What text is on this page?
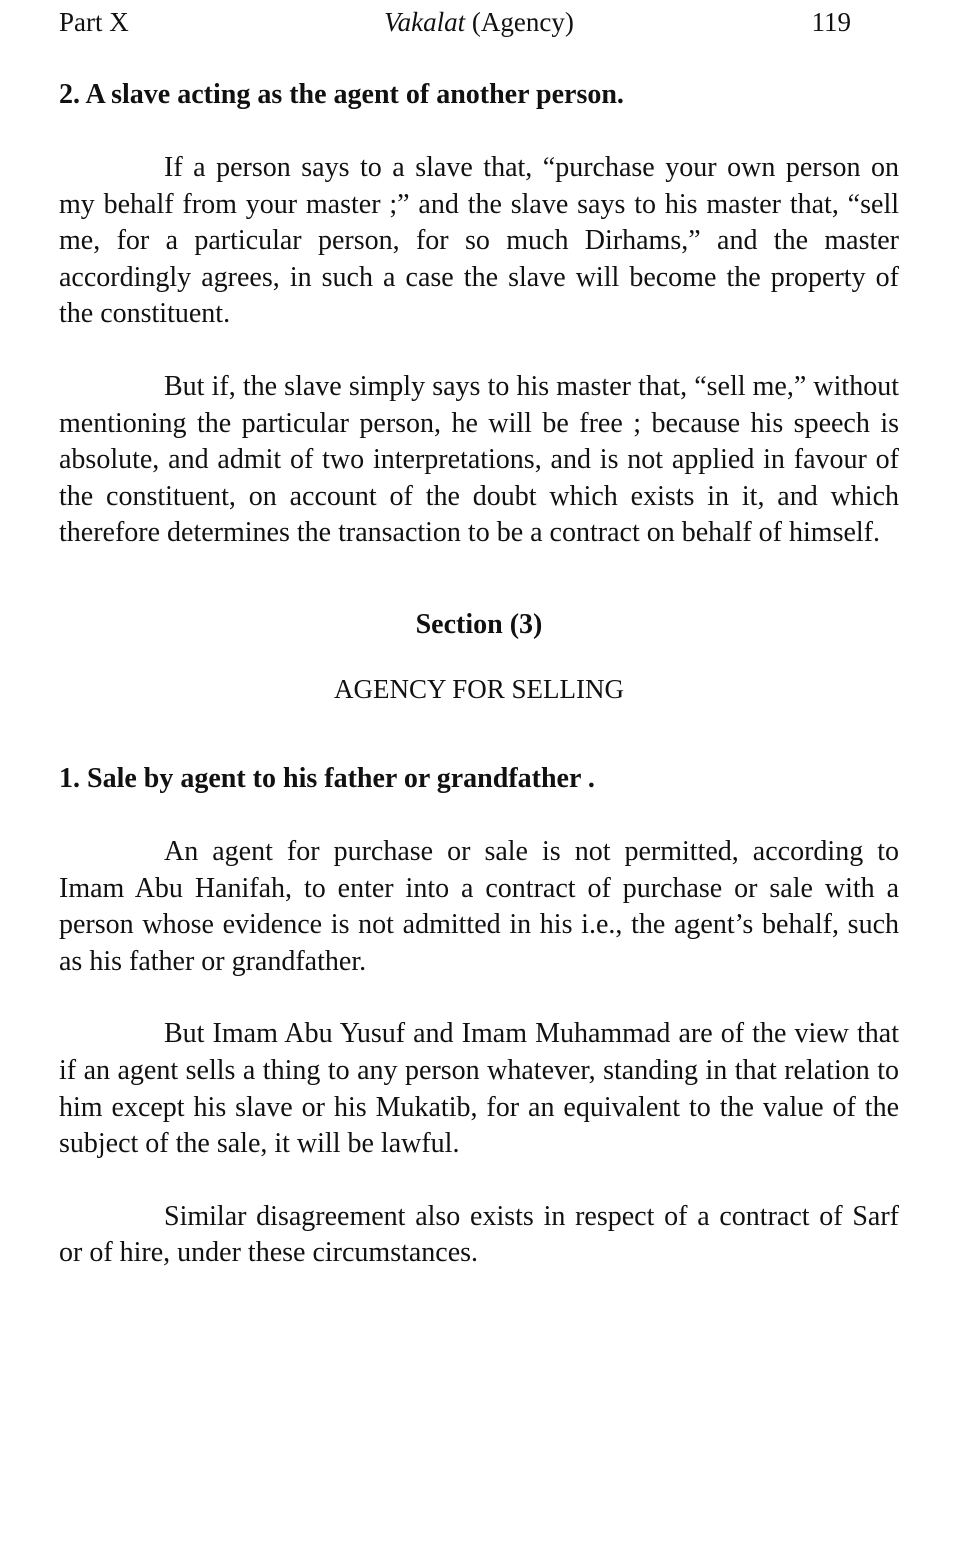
Part X	Vakalat (Agency)	119
2. A slave acting as the agent of another person.

If a person says to a slave that, “purchase your own person on my behalf from your master ;” and the slave says to his master that, “sell me, for a particular person, for so much Dirhams,” and the master accordingly agrees, in such a case the slave will become the property of the constituent.

But if, the slave simply says to his master that, “sell me,” without mentioning the particular person, he will be free ; because his speech is absolute, and admit of two interpretations, and is not applied in favour of the constituent, on account of the doubt which exists in it, and which therefore determines the transaction to be a contract on behalf of himself.

Section (3)
AGENCY FOR SELLING
1. Sale by agent to his father or grandfather .

An agent for purchase or sale is not permitted, according to Imam Abu Hanifah, to enter into a contract of purchase or sale with a person whose evidence is not admitted in his i.e., the agent’s behalf, such as his father or grandfather.

But Imam Abu Yusuf and Imam Muhammad are of the view that if an agent sells a thing to any person whatever, standing in that relation to him except his slave or his Mukatib, for an equivalent to the value of the subject of the sale, it will be lawful.

Similar disagreement also exists in respect of a contract of Sarf or of hire, under these circumstances.
